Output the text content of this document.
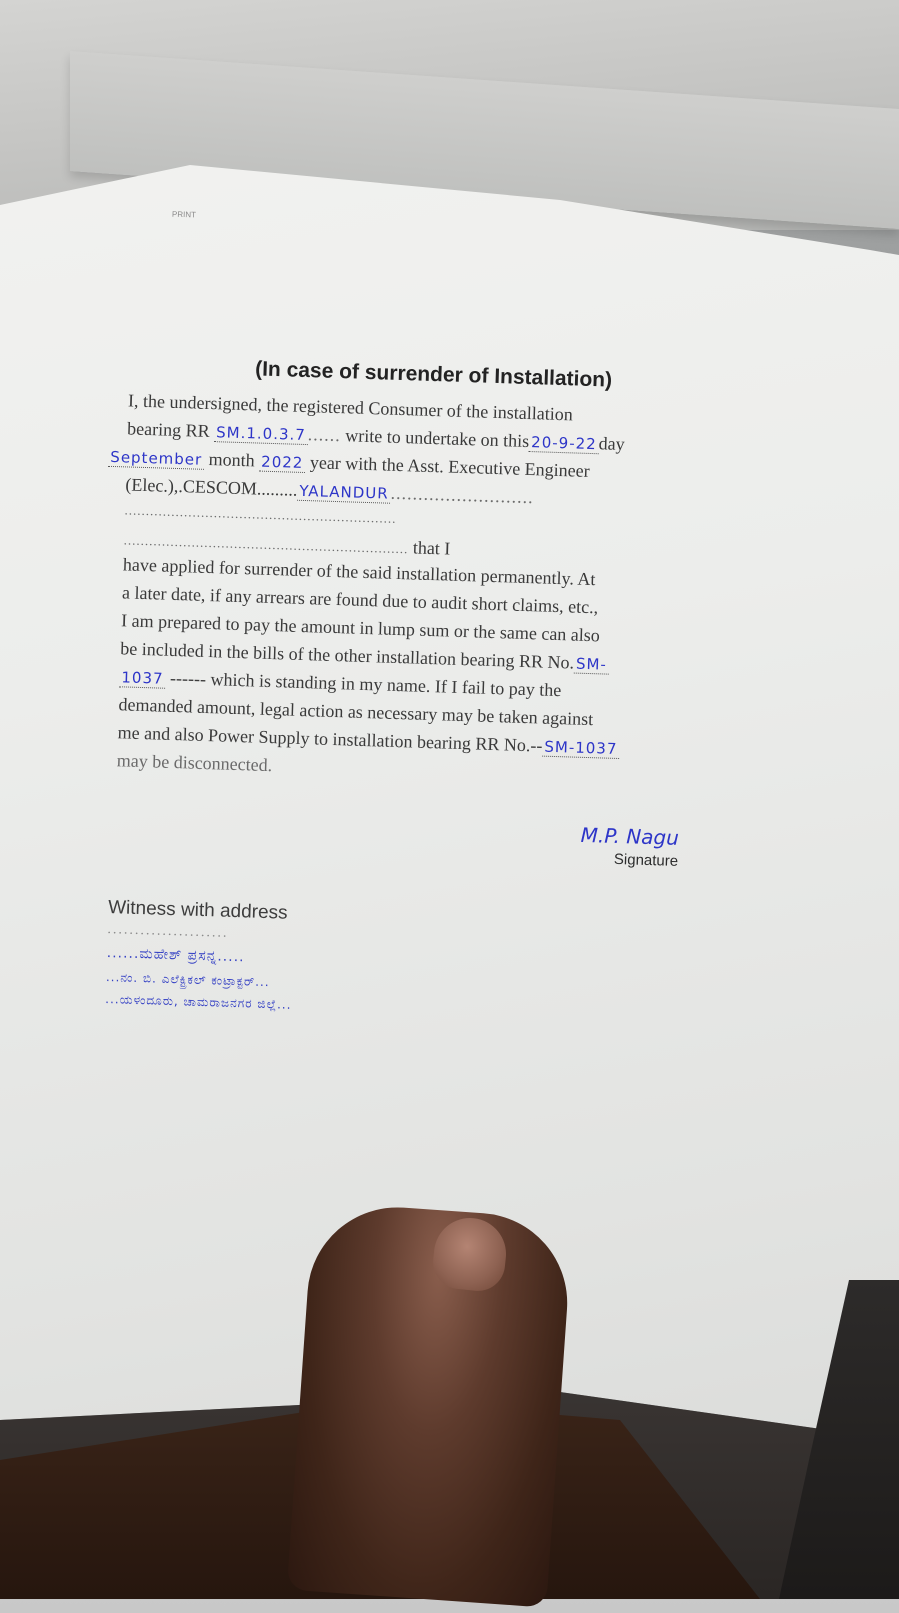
PRINT
(In case of surrender of Installation)
I, the undersigned, the registered Consumer of the installation
bearing RR SM.1.0.3.7...... write to undertake on this20-9-22day
September month 2022 year with the Asst. Executive Engineer
(Elec.),.CESCOM.........YALANDUR..........................
................................................................
................................................................... that I
have applied for surrender of the said installation permanently. At
a later date, if any arrears are found due to audit short claims, etc.,
I am prepared to pay the amount in lump sum or the same can also
be included in the bills of the other installation bearing RR No.SM-
1037 ------ which is standing in my name. If I fail to pay the
demanded amount, legal action as necessary may be taken against
me and also Power Supply to installation bearing RR No.--SM-1037
may be disconnected.
M.P. Nagu
Signature
Witness with address
......................
......ಮಹೇಶ್ ಪ್ರಸನ್ನ.....
...ನಂ. ಬಿ. ಎಲೆಕ್ಟ್ರಿಕಲ್ ಕಂಟ್ರಾಕ್ಟರ್...
...ಯಳಂದೂರು, ಚಾಮರಾಜನಗರ ಜಿಲ್ಲೆ...
